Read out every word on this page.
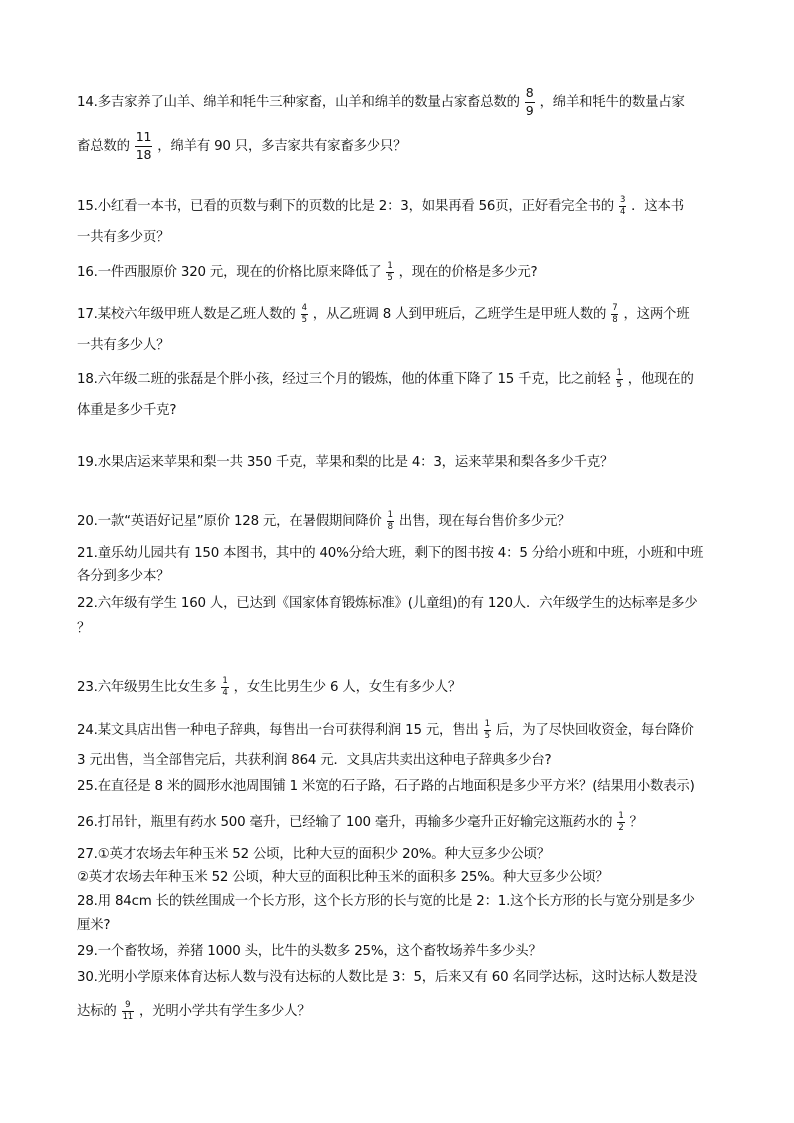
14.多吉家养了山羊、绵羊和牦牛三种家畜，山羊和绵羊的数量占家畜总数的 $\frac{8}{9}$ ，绵羊和牦牛的数量占家
畜总数的 $\frac{11}{18}$ ，绵羊有 90 只，多吉家共有家畜多少只？
15.小红看一本书，已看的页数与剩下的页数的比是 2：3，如果再看 56页，正好看完全书的 $\frac{3}{4}$ ．这本书
一共有多少页？
16.一件西服原价 320 元，现在的价格比原来降低了 $\frac{1}{5}$ ，现在的价格是多少元?
17.某校六年级甲班人数是乙班人数的 $\frac{4}{5}$ ，从乙班调 8 人到甲班后，乙班学生是甲班人数的 $\frac{7}{8}$ ，这两个班
一共有多少人？
18.六年级二班的张磊是个胖小孩，经过三个月的锻炼，他的体重下降了 15 千克，比之前轻 $\frac{1}{5}$ ，他现在的
体重是多少千克?
19.水果店运来苹果和梨一共 350 千克，苹果和梨的比是 4：3，运来苹果和梨各多少千克？
20.一款“英语好记星”原价 128 元，在暑假期间降价 $\frac{1}{8}$ 出售，现在每台售价多少元？
21.童乐幼儿园共有 150 本图书，其中的 40%分给大班，剩下的图书按 4：5 分给小班和中班，小班和中班
各分到多少本？
22.六年级有学生 160 人，已达到《国家体育锻炼标准》(儿童组)的有 120人．六年级学生的达标率是多少
？
23.六年级男生比女生多 $\frac{1}{4}$ ，女生比男生少 6 人，女生有多少人？
24.某文具店出售一种电子辞典，每售出一台可获得利润 15 元，售出 $\frac{1}{5}$ 后，为了尽快回收资金，每台降价
3 元出售，当全部售完后，共获利润 864 元．文具店共卖出这种电子辞典多少台?
25.在直径是 8 米的圆形水池周围铺 1 米宽的石子路，石子路的占地面积是多少平方米？(结果用小数表示)
26.打吊针，瓶里有药水 500 毫升，已经输了 100 毫升，再输多少毫升正好输完这瓶药水的 $\frac{1}{2}$ ？
27.①英才农场去年种玉米 52 公顷，比种大豆的面积少 20%。种大豆多少公顷？
②英才农场去年种玉米 52 公顷，种大豆的面积比种玉米的面积多 25%。种大豆多少公顷？
28.用 84cm 长的铁丝围成一个长方形，这个长方形的长与宽的比是 2：1.这个长方形的长与宽分别是多少
厘米?
29.一个畜牧场，养猪 1000 头，比牛的头数多 25%，这个畜牧场养牛多少头？
30.光明小学原来体育达标人数与没有达标的人数比是 3：5，后来又有 60 名同学达标，这时达标人数是没
达标的 $\frac{9}{11}$ ，光明小学共有学生多少人？
